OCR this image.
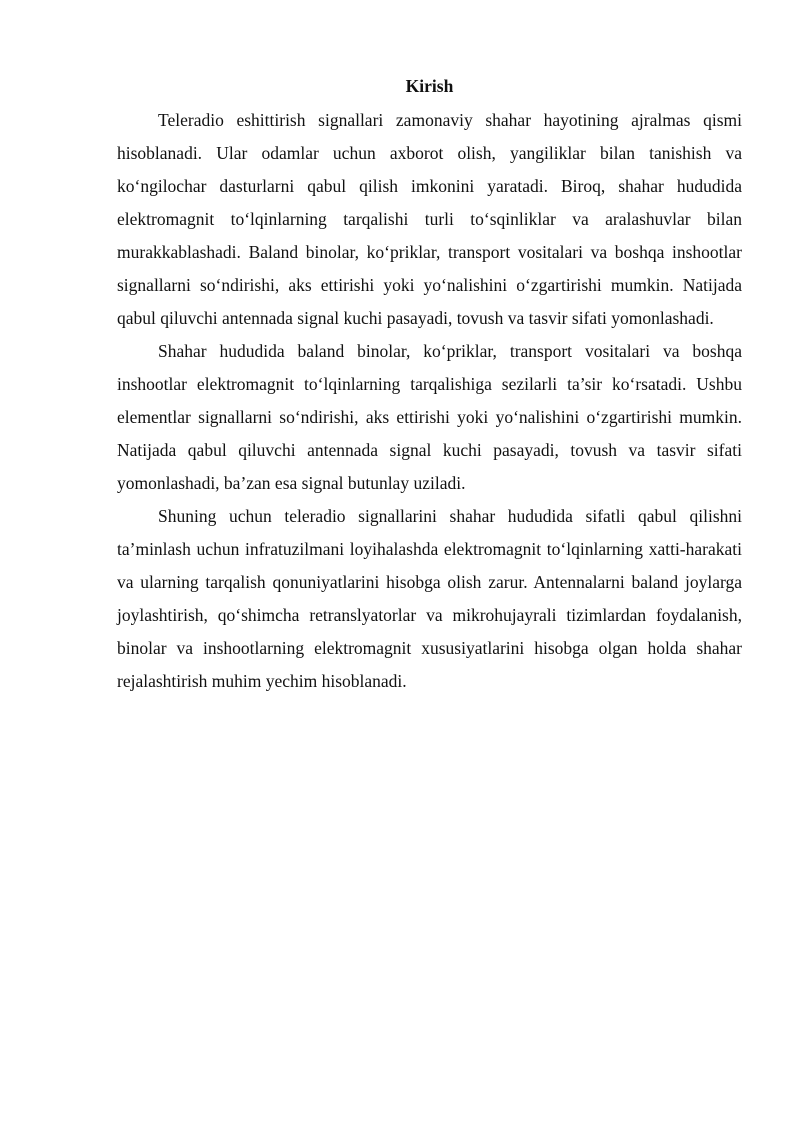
Kirish

Teleradio eshittirish signallari zamonaviy shahar hayotining ajralmas qismi hisoblanadi. Ular odamlar uchun axborot olish, yangiliklar bilan tanishish va ko‘ngilochar dasturlarni qabul qilish imkonini yaratadi. Biroq, shahar hududida elektromagnit to‘lqinlarning tarqalishi turli to‘sqinliklar va aralashuvlar bilan murakkablashadi. Baland binolar, ko‘priklar, transport vositalari va boshqa inshootlar signallarni so‘ndirishi, aks ettirishi yoki yo‘nalishini o‘zgartirishi mumkin. Natijada qabul qiluvchi antennada signal kuchi pasayadi, tovush va tasvir sifati yomonlashadi.

Shahar hududida baland binolar, ko‘priklar, transport vositalari va boshqa inshootlar elektromagnit to‘lqinlarning tarqalishiga sezilarli ta’sir ko‘rsatadi. Ushbu elementlar signallarni so‘ndirishi, aks ettirishi yoki yo‘nalishini o‘zgartirishi mumkin. Natijada qabul qiluvchi antennada signal kuchi pasayadi, tovush va tasvir sifati yomonlashadi, ba’zan esa signal butunlay uziladi.

Shuning uchun teleradio signallarini shahar hududida sifatli qabul qilishni ta’minlash uchun infratuzilmani loyihalashda elektromagnit to‘lqinlarning xatti-harakati va ularning tarqalish qonuniyatlarini hisobga olish zarur. Antennalarni baland joylarga joylashtirish, qo‘shimcha retranslyatorlar va mikrohujayrali tizimlardan foydalanish, binolar va inshootlarning elektromagnit xususiyatlarini hisobga olgan holda shahar rejalashtirish muhim yechim hisoblanadi.
